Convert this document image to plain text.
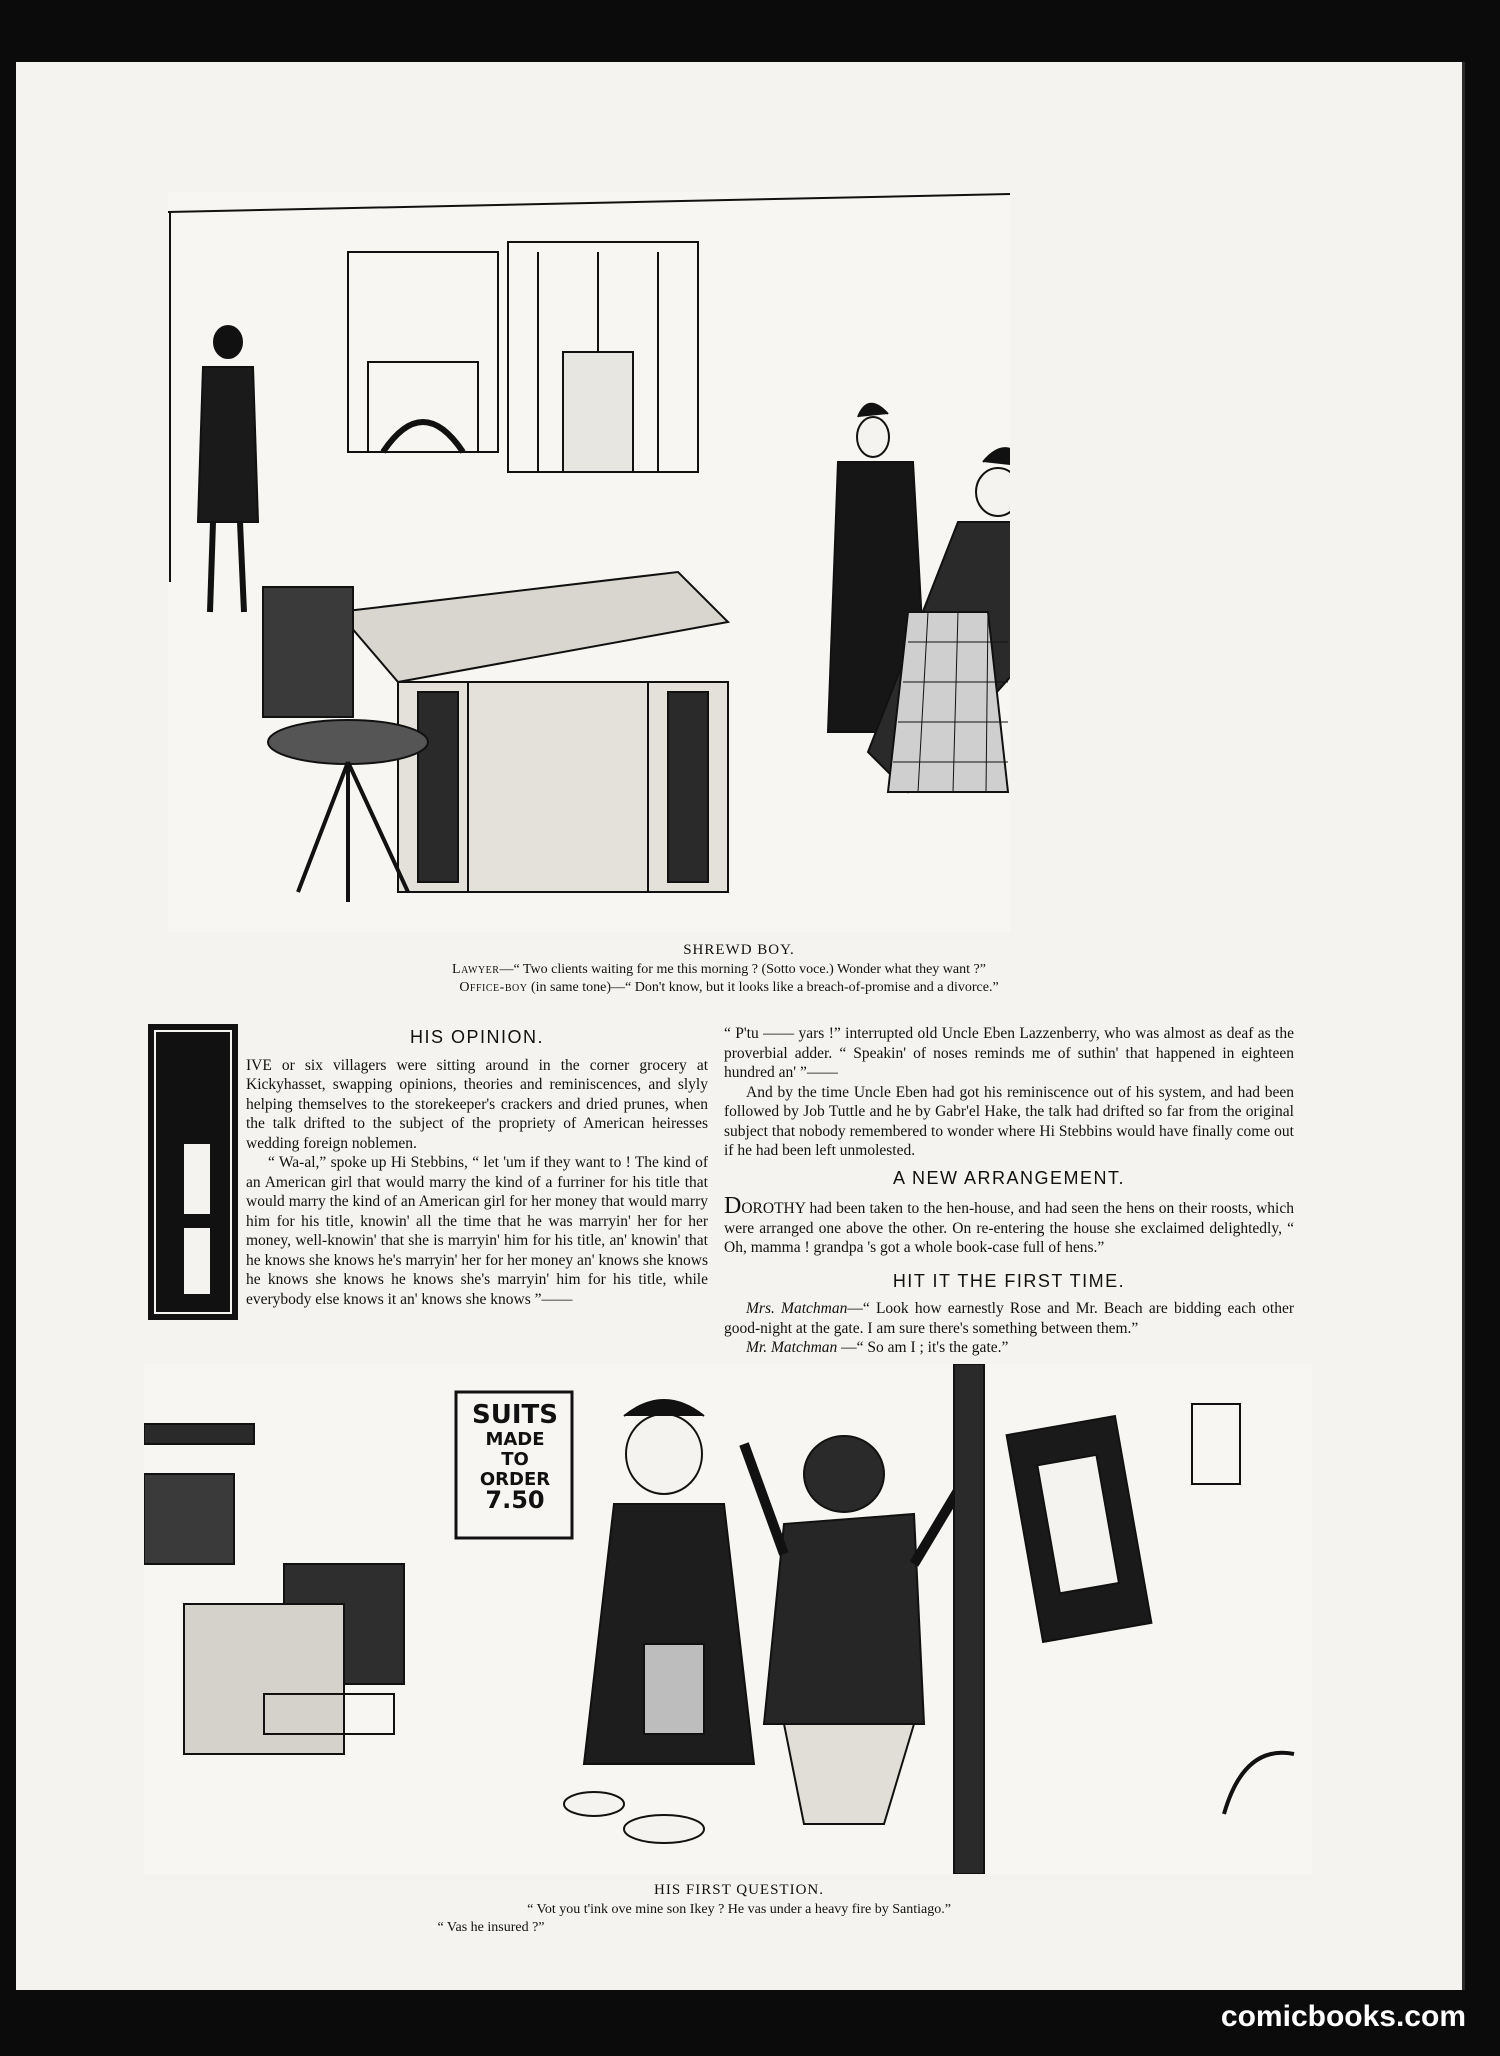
SHREWD BOY.
Lawyer—“ Two clients waiting for me this morning ? (Sotto voce.) Wonder what they want ?”
Office-boy (in same tone)—“ Don't know, but it looks like a breach-of-promise and a divorce.”
HIS OPINION.

IVE or six villagers were sitting around in the corner grocery at Kickyhasset, swapping opinions, theories and reminiscences, and slyly helping themselves to the storekeeper's crackers and dried prunes, when the talk drifted to the subject of the propriety of American heiresses wedding foreign noblemen.

“ Wa-al,” spoke up Hi Stebbins, “ let 'um if they want to ! The kind of an American girl that would marry the kind of a furriner for his title that would marry the kind of an American girl for her money that would marry him for his title, knowin' all the time that he was marryin' her for her money, well-knowin' that she is marryin' him for his title, an' knowin' that he knows she knows he's marryin' her for her money an' knows she knows he knows she knows he knows she's marryin' him for his title, while everybody else knows it an' knows she knows ”——

“ P'tu —— yars !” interrupted old Uncle Eben Lazzenberry, who was almost as deaf as the proverbial adder. “ Speakin' of noses reminds me of suthin' that happened in eighteen hundred an' ”——

And by the time Uncle Eben had got his reminiscence out of his system, and had been followed by Job Tuttle and he by Gabr'el Hake, the talk had drifted so far from the original subject that nobody remembered to wonder where Hi Stebbins would have finally come out if he had been left unmolested.

A NEW ARRANGEMENT.

DOROTHY had been taken to the hen-house, and had seen the hens on their roosts, which were arranged one above the other. On re-entering the house she exclaimed delightedly, “ Oh, mamma ! grandpa 's got a whole book-case full of hens.”

HIT IT THE FIRST TIME.

Mrs. Matchman—“ Look how earnestly Rose and Mr. Beach are bidding each other good-night at the gate. I am sure there's something between them.”

Mr. Matchman —“ So am I ; it's the gate.”

SUITS
MADE
TO
ORDER
7.50
HIS FIRST QUESTION.
“ Vot you t'ink ove mine son Ikey ? He vas under a heavy fire by Santiago.”
“ Vas he insured ?”
comicbooks.com
